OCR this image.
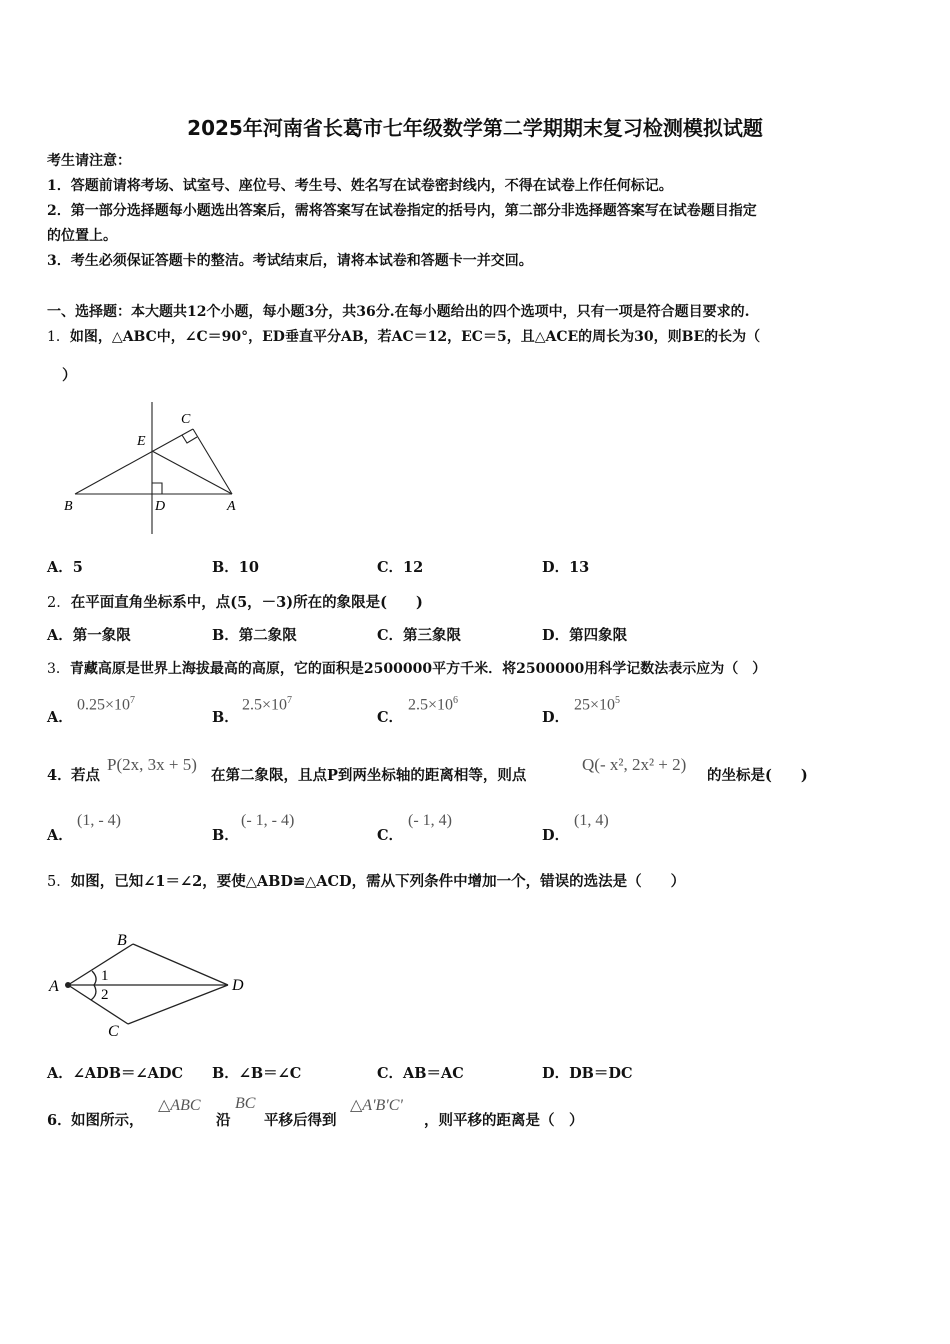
2025年河南省长葛市七年级数学第二学期期末复习检测模拟试题
考生请注意：
1．答题前请将考场、试室号、座位号、考生号、姓名写在试卷密封线内，不得在试卷上作任何标记。
2．第一部分选择题每小题选出答案后，需将答案写在试卷指定的括号内，第二部分非选择题答案写在试卷题目指定
的位置上。
3．考生必须保证答题卡的整洁。考试结束后，请将本试卷和答题卡一并交回。
一、选择题：本大题共12个小题，每小题3分，共36分.在每小题给出的四个选项中，只有一项是符合题目要求的.
1．如图，△ABC中，∠C＝90°，ED垂直平分AB，若AC＝12，EC＝5，且△ACE的周长为30，则BE的长为（
）
C
E
B	D	A
A．5	B．10	C．12	D．13
2．在平面直角坐标系中，点(5，－3)所在的象限是(　　)
A．第一象限	B．第二象限	C．第三象限	D．第四象限
3．青藏高原是世界上海拔最高的高原，它的面积是2500000平方千米．将2500000用科学记数法表示应为（　）
A．
$0.25\times 10^7$
B．
$2.5\times 10^7$
C．
$2.5\times 10^6$
D．
$25\times 10^5$
4． 若点
P(2x, 3x + 5)
在第二象限，且点P到两坐标轴的距离相等，则点
Q(- x², 2x² + 2)
的坐标是(　　)
A．
(1, - 4)
B．
(- 1, - 4)
C．
(- 1, 4)
D．
(1, 4)
5．如图，已知∠1＝∠2，要使△ABD≌△ACD，需从下列条件中增加一个，错误的选法是（　　）
B
A
1
2
D
C
A．∠ADB＝∠ADC B．∠B＝∠C	C．AB＝AC	D．DB＝DC
6． 如图所示，
△ABC
沿
BC
平移后得到
△A'B'C'
，则平移的距离是（　）
